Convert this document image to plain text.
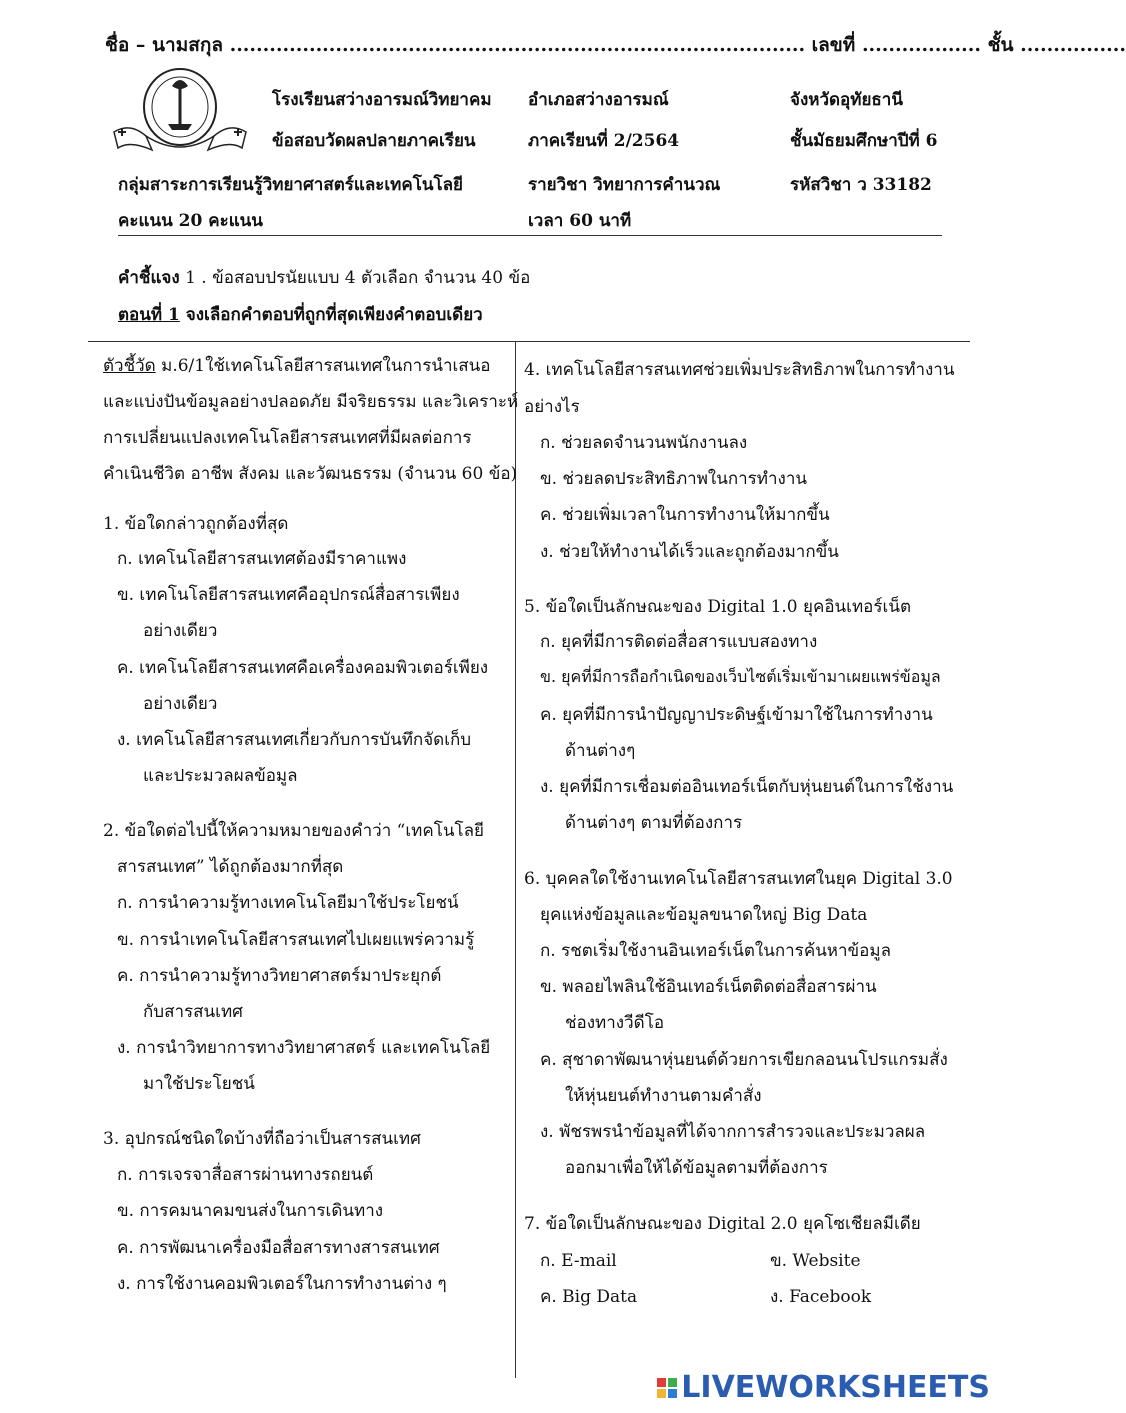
ชื่อ – นามสกุล ....................................................................................... เลขที่ .................. ชั้น ................
โรงเรียนสว่างอารมณ์วิทยาคม อำเภอสว่างอารมณ์	จังหวัดอุทัยธานี
ข้อสอบวัดผลปลายภาคเรียน	ภาคเรียนที่ 2/2564	ชั้นมัธยมศึกษาปีที่ 6
กลุ่มสาระการเรียนรู้วิทยาศาสตร์และเทคโนโลยี	รายวิชา วิทยาการคำนวณ	รหัสวิชา ว 33182
คะแนน 20 คะแนน	เวลา 60 นาที
คำชี้แจง 1 . ข้อสอบปรนัยแบบ 4 ตัวเลือก จำนวน 40 ข้อ
ตอนที่ 1 จงเลือกคำตอบที่ถูกที่สุดเพียงคำตอบเดียว
ตัวชี้วัด ม.6/1ใช้เทคโนโลยีสารสนเทศในการนำเสนอ
และแบ่งปันข้อมูลอย่างปลอดภัย มีจริยธรรม และวิเคราะห์
การเปลี่ยนแปลงเทคโนโลยีสารสนเทศที่มีผลต่อการ
คำเนินชีวิต อาชีพ สังคม และวัฒนธรรม (จำนวน 60 ข้อ)
1. ข้อใดกล่าวถูกต้องที่สุด
ก. เทคโนโลยีสารสนเทศต้องมีราคาแพง
ข. เทคโนโลยีสารสนเทศคืออุปกรณ์สื่อสารเพียง
อย่างเดียว
ค. เทคโนโลยีสารสนเทศคือเครื่องคอมพิวเตอร์เพียง
อย่างเดียว
ง. เทคโนโลยีสารสนเทศเกี่ยวกับการบันทึกจัดเก็บ
และประมวลผลข้อมูล
2. ข้อใดต่อไปนี้ให้ความหมายของคำว่า “เทคโนโลยี
สารสนเทศ” ได้ถูกต้องมากที่สุด
ก. การนำความรู้ทางเทคโนโลยีมาใช้ประโยชน์
ข. การนำเทคโนโลยีสารสนเทศไปเผยแพร่ความรู้
ค. การนำความรู้ทางวิทยาศาสตร์มาประยุกต์
กับสารสนเทศ
ง. การนำวิทยาการทางวิทยาศาสตร์ และเทคโนโลยี
มาใช้ประโยชน์
3. อุปกรณ์ชนิดใดบ้างที่ถือว่าเป็นสารสนเทศ
ก. การเจรจาสื่อสารผ่านทางรถยนต์
ข. การคมนาคมขนส่งในการเดินทาง
ค. การพัฒนาเครื่องมือสื่อสารทางสารสนเทศ
ง. การใช้งานคอมพิวเตอร์ในการทำงานต่าง ๆ
4. เทคโนโลยีสารสนเทศช่วยเพิ่มประสิทธิภาพในการทำงาน
อย่างไร
ก. ช่วยลดจำนวนพนักงานลง
ข. ช่วยลดประสิทธิภาพในการทำงาน
ค. ช่วยเพิ่มเวลาในการทำงานให้มากขึ้น
ง. ช่วยให้ทำงานได้เร็วและถูกต้องมากขึ้น
5. ข้อใดเป็นลักษณะของ Digital 1.0 ยุคอินเทอร์เน็ต
ก. ยุคที่มีการติดต่อสื่อสารแบบสองทาง
ข. ยุคที่มีการถือกำเนิดของเว็บไซต์เริ่มเข้ามาเผยแพร่ข้อมูล
ค. ยุคที่มีการนำปัญญาประดิษฐ์เข้ามาใช้ในการทำงาน
ด้านต่างๆ
ง. ยุคที่มีการเชื่อมต่ออินเทอร์เน็ตกับหุ่นยนต์ในการใช้งาน
ด้านต่างๆ ตามที่ต้องการ
6. บุคคลใดใช้งานเทคโนโลยีสารสนเทศในยุค Digital 3.0
ยุคแห่งข้อมูลและข้อมูลขนาดใหญ่ Big Data
ก. รชตเริ่มใช้งานอินเทอร์เน็ตในการค้นหาข้อมูล
ข. พลอยไพลินใช้อินเทอร์เน็ตติดต่อสื่อสารผ่าน
ช่องทางวีดีโอ
ค. สุชาดาพัฒนาหุ่นยนต์ด้วยการเขียกลอนนโปรแกรมสั่ง
ให้หุ่นยนต์ทำงานตามคำสั่ง
ง. พัชรพรนำข้อมูลที่ได้จากการสำรวจและประมวลผล
ออกมาเพื่อให้ได้ข้อมูลตามที่ต้องการ
7. ข้อใดเป็นลักษณะของ Digital 2.0 ยุคโซเชียลมีเดีย
ก. E-mail	ข. Website
ค. Big Data	ง. Facebook
LIVEWORKSHEETS
